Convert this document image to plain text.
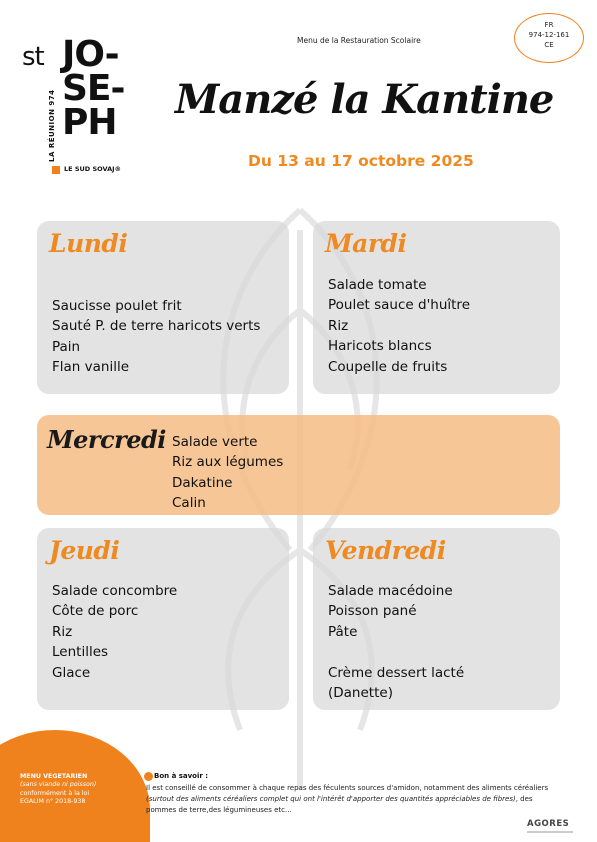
st JO-
SE-
PH
LA RÉUNION 974
LE SUD SOVAJ®
Menu de la Restauration Scolaire
FR
974-12-161
CE
Manzé la Kantine
Du 13 au 17 octobre 2025
Lundi
Saucisse poulet frit
Sauté P. de terre haricots verts
Pain
Flan vanille
Mardi
Salade tomate
Poulet sauce d'huître
Riz
Haricots blancs
Coupelle de fruits
Mercredi Salade verte
Riz aux légumes
Dakatine
Calin
Jeudi
Salade concombre
Côte de porc
Riz
Lentilles
Glace
Vendredi
Salade macédoine
Poisson pané
Pâte
Crème dessert lacté
(Danette)
MENU VEGETARIEN
(sans viande ni poisson)
conformément à la loi
EGALIM n° 2018-938
Bon à savoir :
Il est conseillé de consommer à chaque repas des féculents sources d'amidon, notamment des aliments céréaliers (surtout des aliments céréaliers complet qui ont l'intérêt d'apporter des quantités appréciables de fibres), des pommes de terre,des légumineuses etc...
AGORES
